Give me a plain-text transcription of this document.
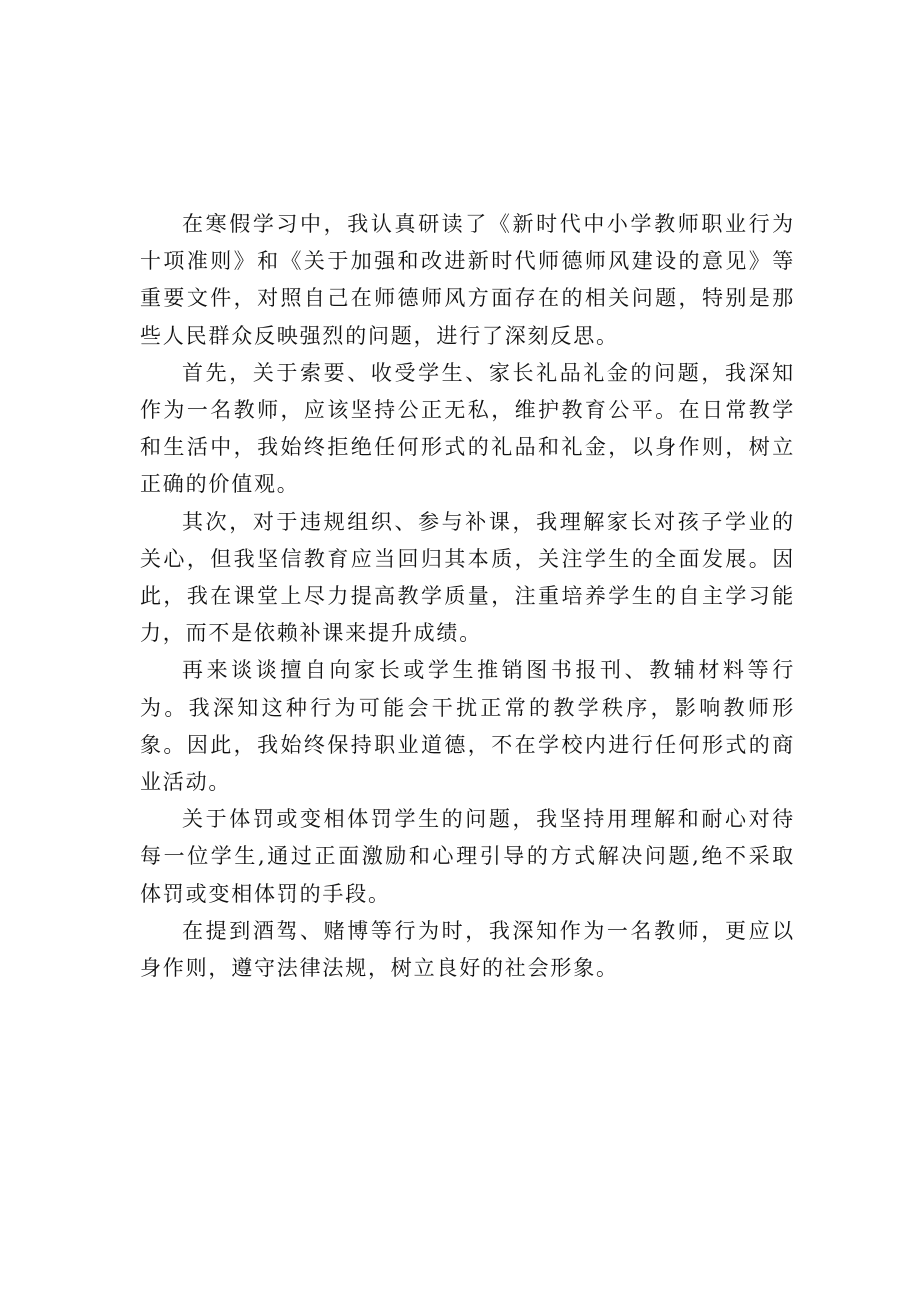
在寒假学习中，我认真研读了《新时代中小学教师职业行为十项准则》和《关于加强和改进新时代师德师风建设的意见》等重要文件，对照自己在师德师风方面存在的相关问题，特别是那些人民群众反映强烈的问题，进行了深刻反思。

首先，关于索要、收受学生、家长礼品礼金的问题，我深知作为一名教师，应该坚持公正无私，维护教育公平。在日常教学和生活中，我始终拒绝任何形式的礼品和礼金，以身作则，树立正确的价值观。

其次，对于违规组织、参与补课，我理解家长对孩子学业的关心，但我坚信教育应当回归其本质，关注学生的全面发展。因此，我在课堂上尽力提高教学质量，注重培养学生的自主学习能力，而不是依赖补课来提升成绩。

再来谈谈擅自向家长或学生推销图书报刊、教辅材料等行为。我深知这种行为可能会干扰正常的教学秩序，影响教师形象。因此，我始终保持职业道德，不在学校内进行任何形式的商业活动。

关于体罚或变相体罚学生的问题，我坚持用理解和耐心对待每一位学生,通过正面激励和心理引导的方式解决问题,绝不采取体罚或变相体罚的手段。

在提到酒驾、赌博等行为时，我深知作为一名教师，更应以身作则，遵守法律法规，树立良好的社会形象。
